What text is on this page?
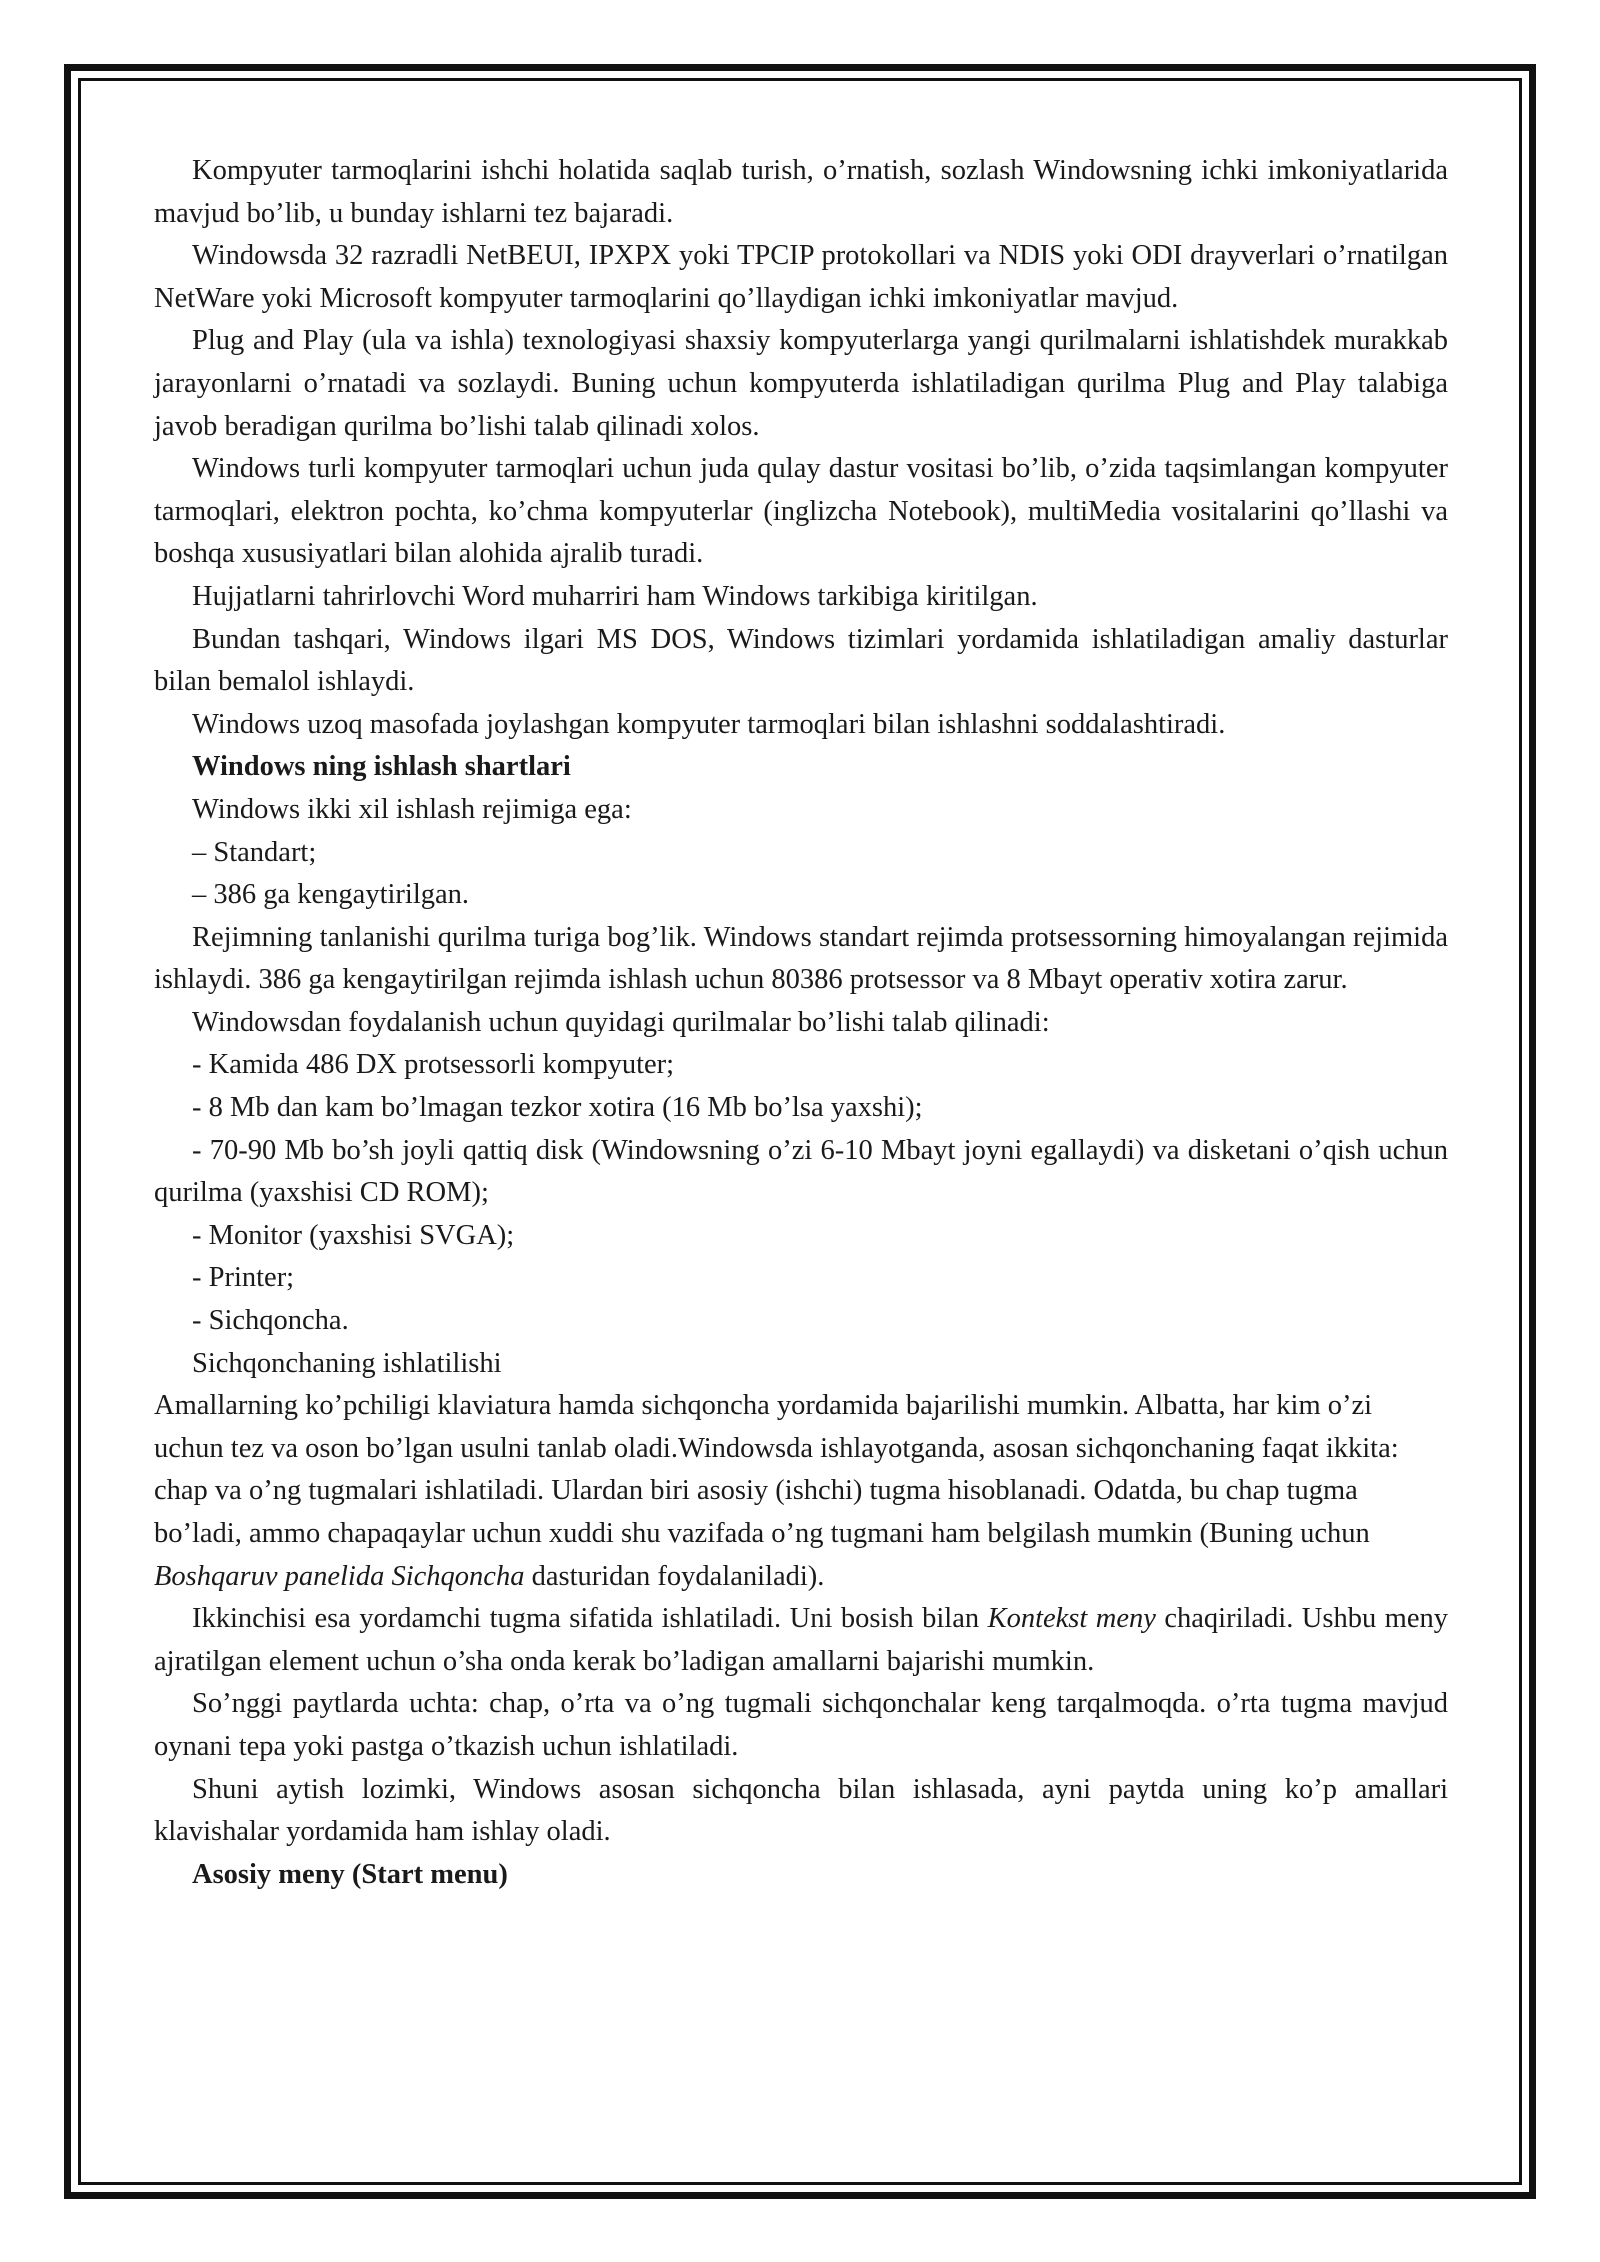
Kompyuter tarmoqlarini ishchi holatida saqlab turish, o’rnatish, sozlash Windowsning ichki imkoniyatlarida mavjud bo’lib, u bunday ishlarni tez bajaradi.

Windowsda 32 razradli NetBEUI, IPXPX yoki TPCIP protokollari va NDIS yoki ODI drayverlari o’rnatilgan NetWare yoki Microsoft kompyuter tarmoqlarini qo’llaydigan ichki imkoniyatlar mavjud.

Plug and Play (ula va ishla) texnologiyasi shaxsiy kompyuterlarga yangi qurilmalarni ishlatishdek murakkab jarayonlarni o’rnatadi va sozlaydi. Buning uchun kompyuterda ishlatiladigan qurilma Plug and Play talabiga javob beradigan qurilma bo’lishi talab qilinadi xolos.

Windows turli kompyuter tarmoqlari uchun juda qulay dastur vositasi bo’lib, o’zida taqsimlangan kompyuter tarmoqlari, elektron pochta, ko’chma kompyuterlar (inglizcha Notebook), multiMedia vositalarini qo’llashi va boshqa xususiyatlari bilan alohida ajralib turadi.

Hujjatlarni tahrirlovchi Word muharriri ham Windows tarkibiga kiritilgan.

Bundan tashqari, Windows ilgari MS DOS, Windows tizimlari yordamida ishlatiladigan amaliy dasturlar bilan bemalol ishlaydi.

Windows uzoq masofada joylashgan kompyuter tarmoqlari bilan ishlashni soddalashtiradi.

Windows ning ishlash shartlari

Windows ikki xil ishlash rejimiga ega:

– Standart;

– 386 ga kengaytirilgan.

Rejimning tanlanishi qurilma turiga bog’lik. Windows standart rejimda protsessorning himoyalangan rejimida ishlaydi. 386 ga kengaytirilgan rejimda ishlash uchun 80386 protsessor va 8 Mbayt operativ xotira zarur.

Windowsdan foydalanish uchun quyidagi qurilmalar bo’lishi talab qilinadi:

- Kamida 486 DX protsessorli kompyuter;

- 8 Mb dan kam bo’lmagan tezkor xotira (16 Mb bo’lsa yaxshi);

- 70-90 Mb bo’sh joyli qattiq disk (Windowsning o’zi 6-10 Mbayt joyni egallaydi) va disketani o’qish uchun qurilma (yaxshisi CD ROM);

- Monitor (yaxshisi SVGA);

- Printer;

- Sichqoncha.

Sichqonchaning ishlatilishi

Amallarning ko’pchiligi klaviatura hamda sichqoncha yordamida bajarilishi mumkin. Albatta, har kim o’zi uchun tez va oson bo’lgan usulni tanlab oladi.Windowsda ishlayotganda, asosan sichqonchaning faqat ikkita: chap va o’ng tugmalari ishlatiladi. Ulardan biri asosiy (ishchi) tugma hisoblanadi. Odatda, bu chap tugma bo’ladi, ammo chapaqaylar uchun xuddi shu vazifada o’ng tugmani ham belgilash mumkin (Buning uchun Boshqaruv panelida Sichqoncha dasturidan foydalaniladi).

Ikkinchisi esa yordamchi tugma sifatida ishlatiladi. Uni bosish bilan Kontekst meny chaqiriladi. Ushbu meny ajratilgan element uchun o’sha onda kerak bo’ladigan amallarni bajarishi mumkin.

So’nggi paytlarda uchta: chap, o’rta va o’ng tugmali sichqonchalar keng tarqalmoqda. o’rta tugma mavjud oynani tepa yoki pastga o’tkazish uchun ishlatiladi.

Shuni aytish lozimki, Windows asosan sichqoncha bilan ishlasada, ayni paytda uning ko’p amallari klavishalar yordamida ham ishlay oladi.

Asosiy meny (Start menu)
